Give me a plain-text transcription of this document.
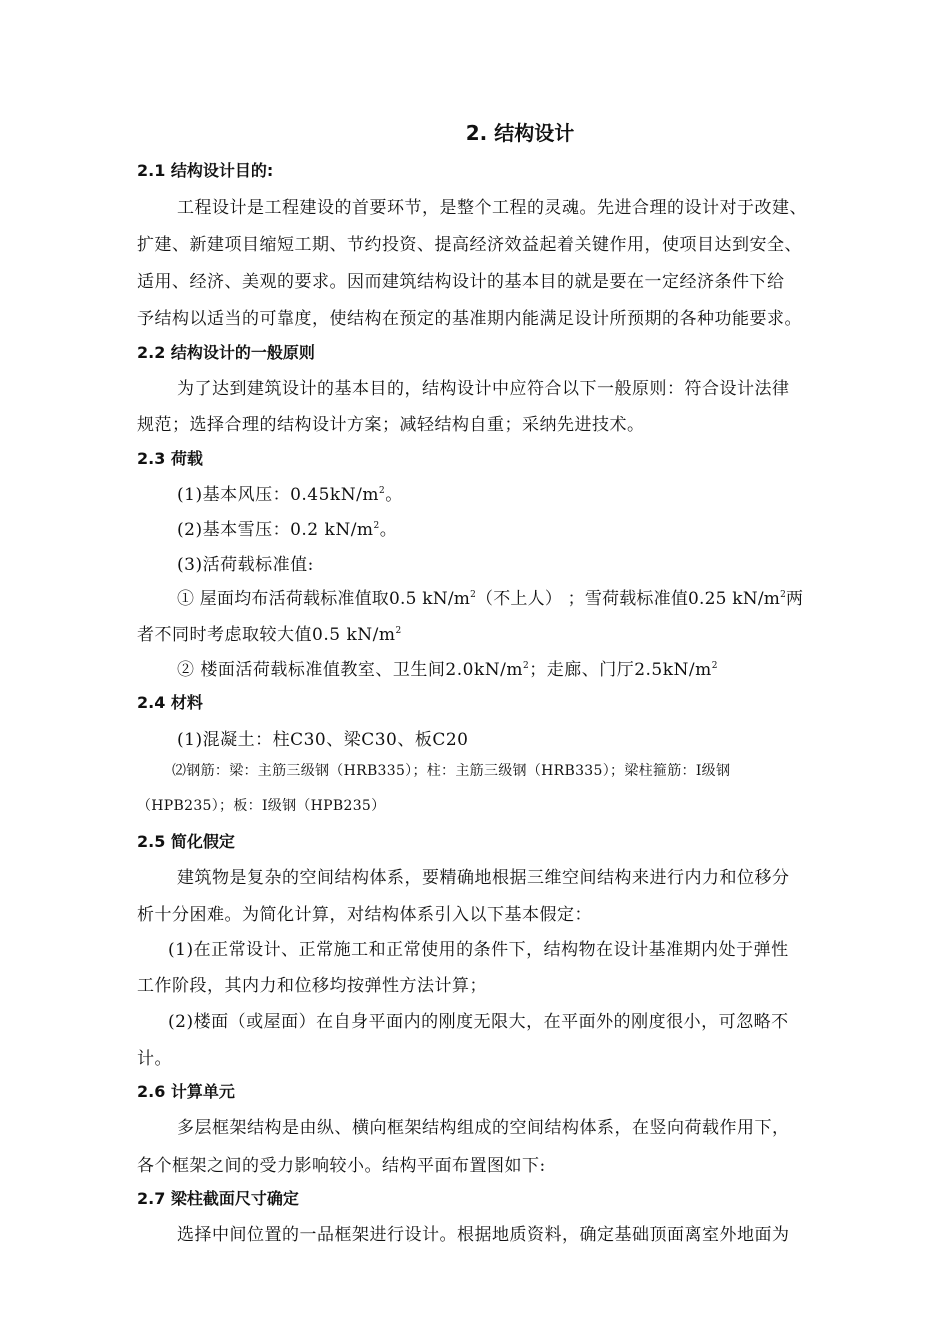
2. 结构设计
2.1 结构设计目的:
工程设计是工程建设的首要环节，是整个工程的灵魂。先进合理的设计对于改建、
扩建、新建项目缩短工期、节约投资、提高经济效益起着关键作用，使项目达到安全、
适用、经济、美观的要求。因而建筑结构设计的基本目的就是要在一定经济条件下给
予结构以适当的可靠度，使结构在预定的基准期内能满足设计所预期的各种功能要求。
2.2 结构设计的一般原则
为了达到建筑设计的基本目的，结构设计中应符合以下一般原则：符合设计法律
规范；选择合理的结构设计方案；减轻结构自重；采纳先进技术。
2.3 荷载
(1)基本风压：$0.45kN/m^2$。
(2)基本雪压：0.2 $kN/m^2$。
(3)活荷载标准值:
① 屋面均布活荷载标准值取0.5 $kN/m^2$（不上人） ；雪荷载标准值0.25 $kN/m^2$两
者不同时考虑取较大值0.5 $kN/m^2$
② 楼面活荷载标准值教室、卫生间$2.0kN/m^2$；走廊、门厅$2.5kN/m^2$
2.4 材料
(1)混凝土：柱C30、梁C30、板C20
⑵钢筋：梁：主筋三级钢（HRB335）；柱：主筋三级钢（HRB335）；梁柱箍筋：Ⅰ级钢
（HPB235）；板：Ⅰ级钢（HPB235）
2.5 简化假定
建筑物是复杂的空间结构体系，要精确地根据三维空间结构来进行内力和位移分
析十分困难。为简化计算，对结构体系引入以下基本假定：
(1)在正常设计、正常施工和正常使用的条件下，结构物在设计基准期内处于弹性
工作阶段，其内力和位移均按弹性方法计算；
(2)楼面（或屋面）在自身平面内的刚度无限大，在平面外的刚度很小，可忽略不
计。
2.6 计算单元
多层框架结构是由纵、横向框架结构组成的空间结构体系，在竖向荷载作用下，
各个框架之间的受力影响较小。结构平面布置图如下:
2.7 梁柱截面尺寸确定
选择中间位置的一品框架进行设计。根据地质资料，确定基础顶面离室外地面为
